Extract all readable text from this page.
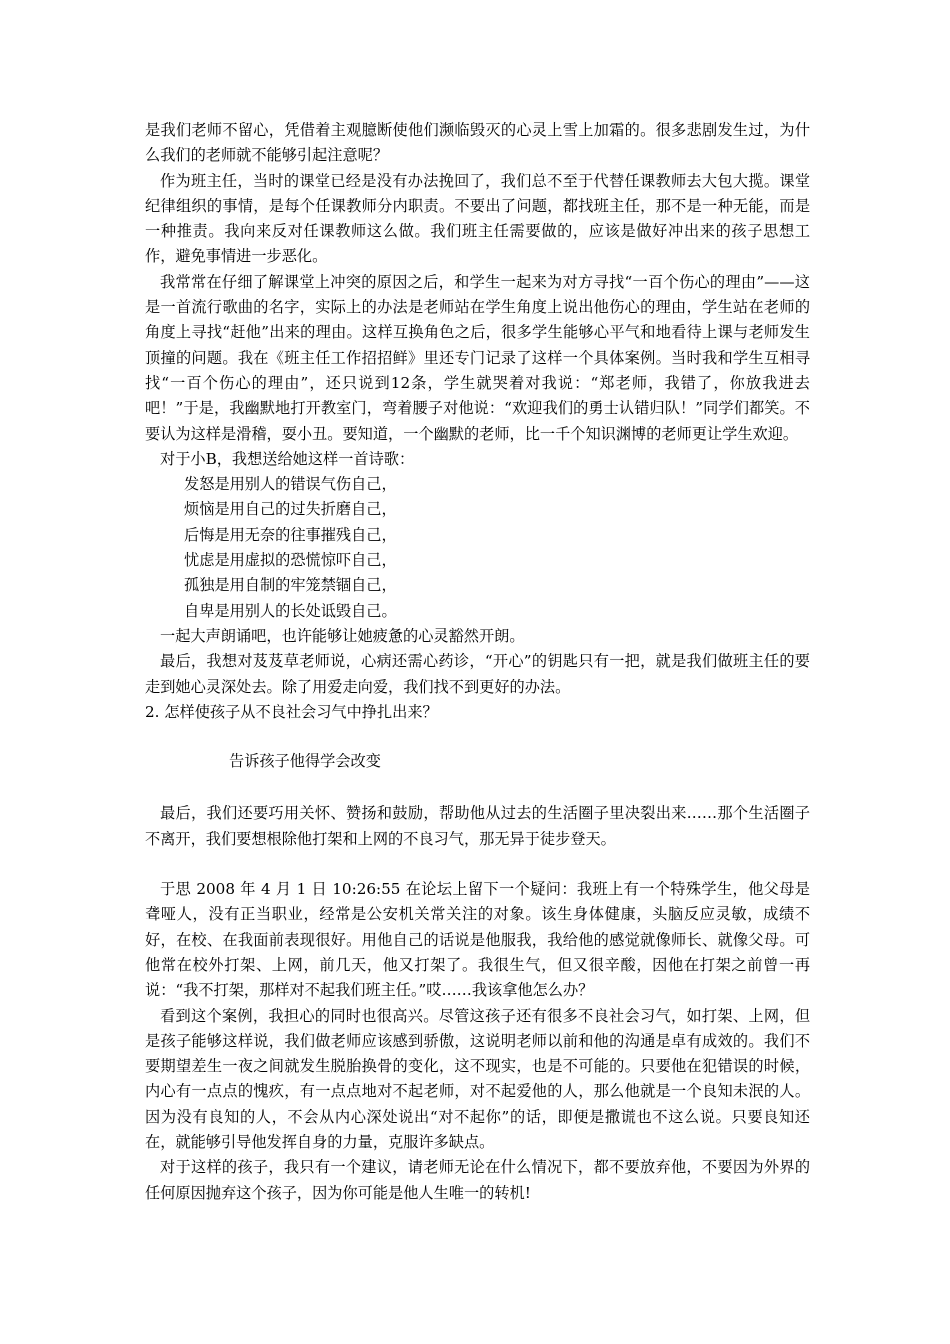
是我们老师不留心，凭借着主观臆断使他们濒临毁灭的心灵上雪上加霜的。很多悲剧发生过，为什么我们的老师就不能够引起注意呢？

作为班主任，当时的课堂已经是没有办法挽回了，我们总不至于代替任课教师去大包大揽。课堂纪律组织的事情，是每个任课教师分内职责。不要出了问题，都找班主任，那不是一种无能，而是一种推责。我向来反对任课教师这么做。我们班主任需要做的，应该是做好冲出来的孩子思想工作，避免事情进一步恶化。

我常常在仔细了解课堂上冲突的原因之后，和学生一起来为对方寻找“一百个伤心的理由”——这是一首流行歌曲的名字，实际上的办法是老师站在学生角度上说出他伤心的理由，学生站在老师的角度上寻找“赶他”出来的理由。这样互换角色之后，很多学生能够心平气和地看待上课与老师发生顶撞的问题。我在《班主任工作招招鲜》里还专门记录了这样一个具体案例。当时我和学生互相寻找“一百个伤心的理由”，还只说到12条，学生就哭着对我说：“郑老师，我错了，你放我进去吧！”于是，我幽默地打开教室门，弯着腰子对他说：“欢迎我们的勇士认错归队！”同学们都笑。不要认为这样是滑稽，耍小丑。要知道，一个幽默的老师，比一千个知识渊博的老师更让学生欢迎。

对于小B，我想送给她这样一首诗歌：

发怒是用别人的错误气伤自己，

烦恼是用自己的过失折磨自己，

后悔是用无奈的往事摧残自己，

忧虑是用虚拟的恐慌惊吓自己，

孤独是用自制的牢笼禁锢自己，

自卑是用别人的长处诋毁自己。

一起大声朗诵吧，也许能够让她疲惫的心灵豁然开朗。

最后，我想对芨芨草老师说，心病还需心药诊，“开心”的钥匙只有一把，就是我们做班主任的要走到她心灵深处去。除了用爱走向爱，我们找不到更好的办法。

2. 怎样使孩子从不良社会习气中挣扎出来？

告诉孩子他得学会改变

最后，我们还要巧用关怀、赞扬和鼓励，帮助他从过去的生活圈子里决裂出来……那个生活圈子不离开，我们要想根除他打架和上网的不良习气，那无异于徒步登天。

于思 2008 年 4 月 1 日 10:26:55 在论坛上留下一个疑问：我班上有一个特殊学生，他父母是聋哑人，没有正当职业，经常是公安机关常关注的对象。该生身体健康，头脑反应灵敏，成绩不好，在校、在我面前表现很好。用他自己的话说是他服我，我给他的感觉就像师长、就像父母。可他常在校外打架、上网，前几天，他又打架了。我很生气，但又很辛酸，因他在打架之前曾一再说：“我不打架，那样对不起我们班主任。”哎……我该拿他怎么办？

看到这个案例，我担心的同时也很高兴。尽管这孩子还有很多不良社会习气，如打架、上网，但是孩子能够这样说，我们做老师应该感到骄傲，这说明老师以前和他的沟通是卓有成效的。我们不要期望差生一夜之间就发生脱胎换骨的变化，这不现实，也是不可能的。只要他在犯错误的时候，内心有一点点的愧疚，有一点点地对不起老师，对不起爱他的人，那么他就是一个良知未泯的人。因为没有良知的人，不会从内心深处说出“对不起你”的话，即便是撒谎也不这么说。只要良知还在，就能够引导他发挥自身的力量，克服许多缺点。

对于这样的孩子，我只有一个建议，请老师无论在什么情况下，都不要放弃他，不要因为外界的任何原因抛弃这个孩子，因为你可能是他人生唯一的转机!
